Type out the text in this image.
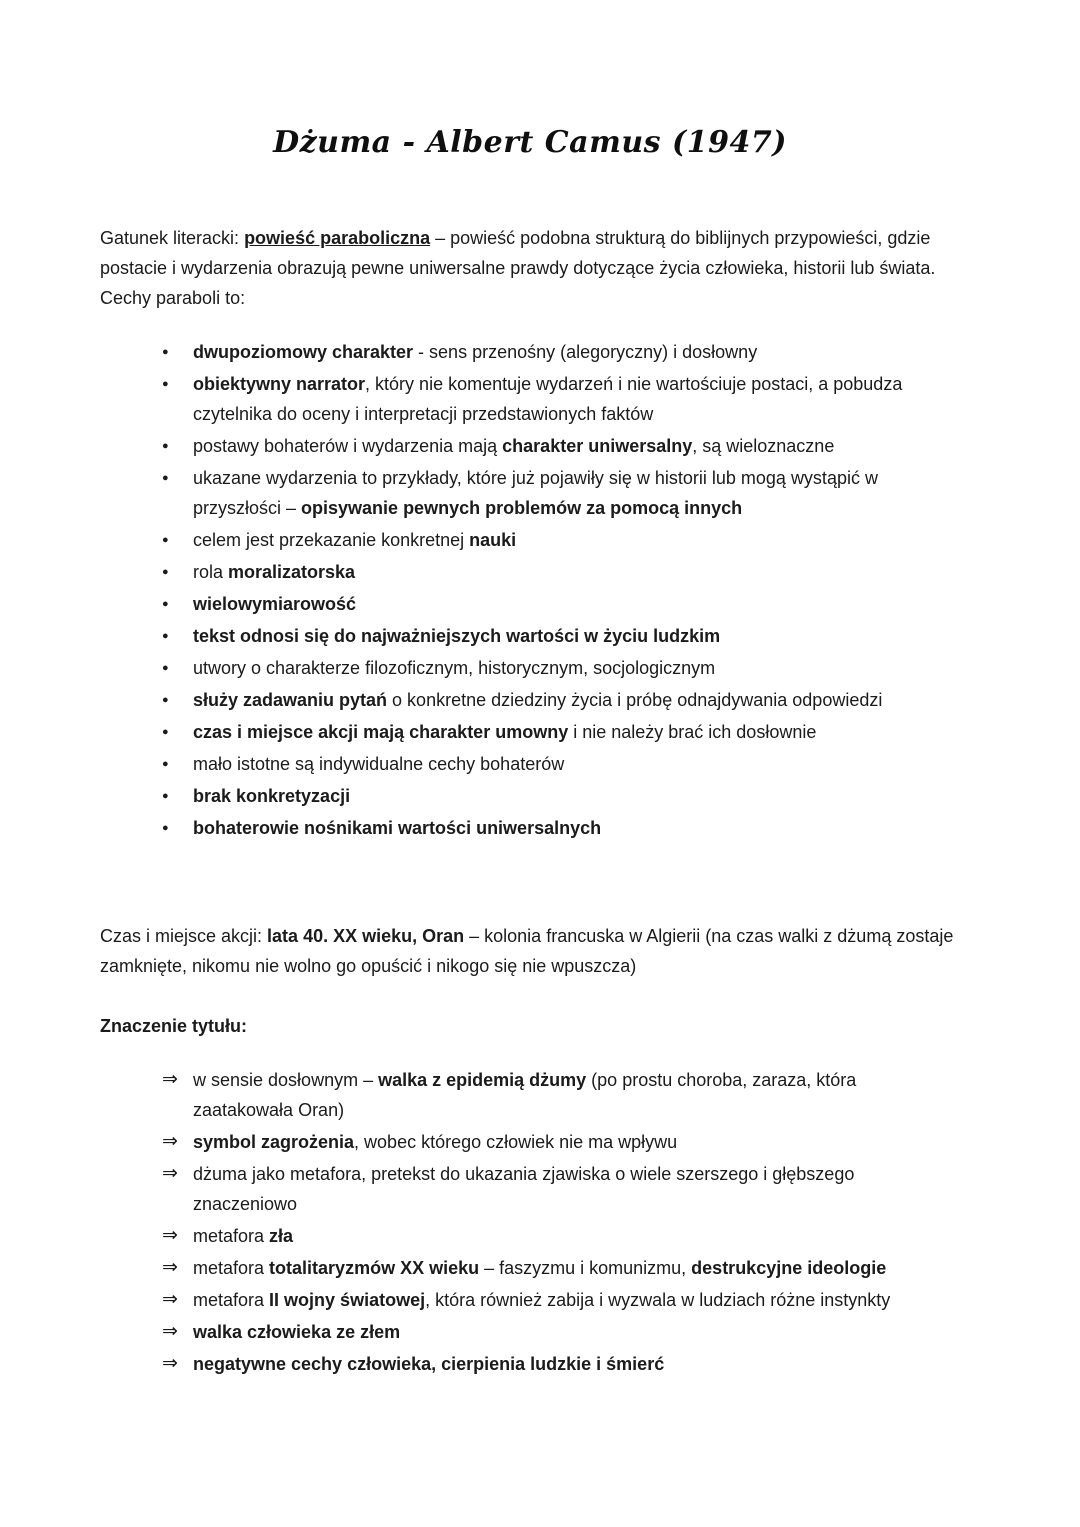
Dżuma - Albert Camus (1947)

Gatunek literacki: powieść paraboliczna – powieść podobna strukturą do biblijnych przypowieści, gdzie postacie i wydarzenia obrazują pewne uniwersalne prawdy dotyczące życia człowieka, historii lub świata. Cechy paraboli to:

●	dwupoziomowy charakter - sens przenośny (alegoryczny) i dosłowny
●	obiektywny narrator, który nie komentuje wydarzeń i nie wartościuje postaci, a pobudza czytelnika do oceny i interpretacji przedstawionych faktów
●	postawy bohaterów i wydarzenia mają charakter uniwersalny, są wieloznaczne
●	ukazane wydarzenia to przykłady, które już pojawiły się w historii lub mogą wystąpić w przyszłości – opisywanie pewnych problemów za pomocą innych
●	celem jest przekazanie konkretnej nauki
●	rola moralizatorska
●	wielowymiarowość
●	tekst odnosi się do najważniejszych wartości w życiu ludzkim
●	utwory o charakterze filozoficznym, historycznym, socjologicznym
●	służy zadawaniu pytań o konkretne dziedziny życia i próbę odnajdywania odpowiedzi
●	czas i miejsce akcji mają charakter umowny i nie należy brać ich dosłownie
●	mało istotne są indywidualne cechy bohaterów
●	brak konkretyzacji
●	bohaterowie nośnikami wartości uniwersalnych

Czas i miejsce akcji: lata 40. XX wieku, Oran – kolonia francuska w Algierii (na czas walki z dżumą zostaje zamknięte, nikomu nie wolno go opuścić i nikogo się nie wpuszcza)

Znaczenie tytułu:

⇒ w sensie dosłownym – walka z epidemią dżumy (po prostu choroba, zaraza, która zaatakowała Oran)
⇒ symbol zagrożenia, wobec którego człowiek nie ma wpływu
⇒ dżuma jako metafora, pretekst do ukazania zjawiska o wiele szerszego i głębszego znaczeniowo
⇒ metafora zła
⇒ metafora totalitaryzmów XX wieku – faszyzmu i komunizmu, destrukcyjne ideologie
⇒ metafora II wojny światowej, która również zabija i wyzwala w ludziach różne instynkty
⇒ walka człowieka ze złem
⇒ negatywne cechy człowieka, cierpienia ludzkie i śmierć
